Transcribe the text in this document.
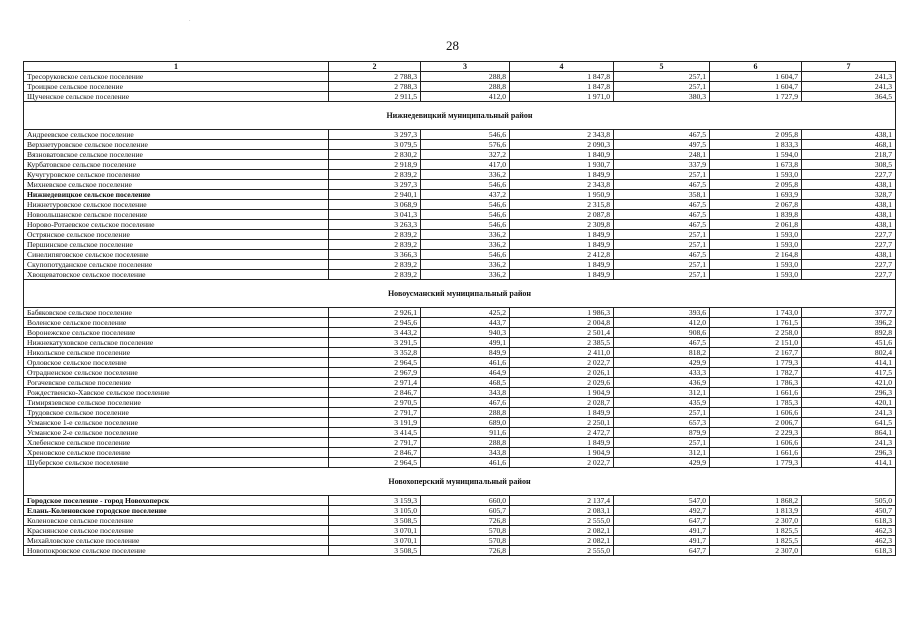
.
28
1	2	3	4	5	6	7
Тресоруковское сельское поселение	2 788,3	288,8	1 847,8	257,1	1 604,7	241,3
Троицкое сельское поселение	2 788,3	288,8	1 847,8	257,1	1 604,7	241,3
Щученское сельское поселение	2 911,5	412,0	1 971,0	380,3	1 727,9	364,5
Нижнедевицкий муниципальный район						
Андреевское сельское поселение	3 297,3	546,6	2 343,8	467,5	2 095,8	438,1
Верхнетуровское сельское поселение	3 079,5	576,6	2 090,3	497,5	1 833,3	468,1
Вязноватовское сельское поселение	2 830,2	327,2	1 840,9	248,1	1 594,0	218,7
Курбатовское сельское поселение	2 918,9	417,0	1 930,7	337,9	1 673,8	308,5
Кучугуровское сельское поселение	2 839,2	336,2	1 849,9	257,1	1 593,0	227,7
Михневское сельское поселение	3 297,3	546,6	2 343,8	467,5	2 095,8	438,1
Нижнедевицкое сельское поселение	2 940,1	437,2	1 950,9	358,1	1 693,9	328,7
Нижнетуровское сельское поселение	3 068,9	546,6	2 315,8	467,5	2 067,8	438,1
Новоольшанское сельское поселение	3 041,3	546,6	2 087,8	467,5	1 839,8	438,1
Норово-Ротаевское сельское поселение	3 263,3	546,6	2 309,8	467,5	2 061,8	438,1
Острянское сельское поселение	2 839,2	336,2	1 849,9	257,1	1 593,0	227,7
Першинское сельское поселение	2 839,2	336,2	1 849,9	257,1	1 593,0	227,7
Синелипяговское сельское поселение	3 366,3	546,6	2 412,8	467,5	2 164,8	438,1
Скупопотуданское сельское поселение	2 839,2	336,2	1 849,9	257,1	1 593,0	227,7
Хвощеватовское сельское поселение	2 839,2	336,2	1 849,9	257,1	1 593,0	227,7
Новоусманский муниципальный район						
Бабяковское сельское поселение	2 926,1	425,2	1 986,3	393,6	1 743,0	377,7
Воленское сельское поселение	2 945,6	443,7	2 004,8	412,0	1 761,5	396,2
Воронежское сельское поселение	3 443,2	940,3	2 501,4	908,6	2 258,0	892,8
Нижнекатуховское сельское поселение	3 291,5	499,1	2 385,5	467,5	2 151,0	451,6
Никольское сельское поселение	3 352,8	849,9	2 411,0	818,2	2 167,7	802,4
Орловское сельское поселение	2 964,5	461,6	2 022,7	429,9	1 779,3	414,1
Отрадненское сельское поселение	2 967,9	464,9	2 026,1	433,3	1 782,7	417,5
Рогачевское сельское поселение	2 971,4	468,5	2 029,6	436,9	1 786,3	421,0
Рождественско-Хавское сельское поселение	2 846,7	343,8	1 904,9	312,1	1 661,6	296,3
Тимирязевское сельское поселение	2 970,5	467,6	2 028,7	435,9	1 785,3	420,1
Трудовское сельское поселение	2 791,7	288,8	1 849,9	257,1	1 606,6	241,3
Усманское 1-е сельское поселение	3 191,9	689,0	2 250,1	657,3	2 006,7	641,5
Усманское 2-е сельское поселение	3 414,5	911,6	2 472,7	879,9	2 229,3	864,1
Хлебенское сельское поселение	2 791,7	288,8	1 849,9	257,1	1 606,6	241,3
Хреновское сельское поселение	2 846,7	343,8	1 904,9	312,1	1 661,6	296,3
Шуберское сельское поселение	2 964,5	461,6	2 022,7	429,9	1 779,3	414,1
Новохоперский муниципальный район						
Городское поселение - город Новохоперск	3 159,3	660,0	2 137,4	547,0	1 868,2	505,0
Елань-Коленовское городское поселение	3 105,0	605,7	2 083,1	492,7	1 813,9	450,7
Коленовское сельское поселение	3 508,5	726,8	2 555,0	647,7	2 307,0	618,3
Краснянское сельское поселение	3 070,1	570,8	2 082,1	491,7	1 825,5	462,3
Михайловское сельское поселение	3 070,1	570,8	2 082,1	491,7	1 825,5	462,3
Новопокровское сельское поселение	3 508,5	726,8	2 555,0	647,7	2 307,0	618,3
